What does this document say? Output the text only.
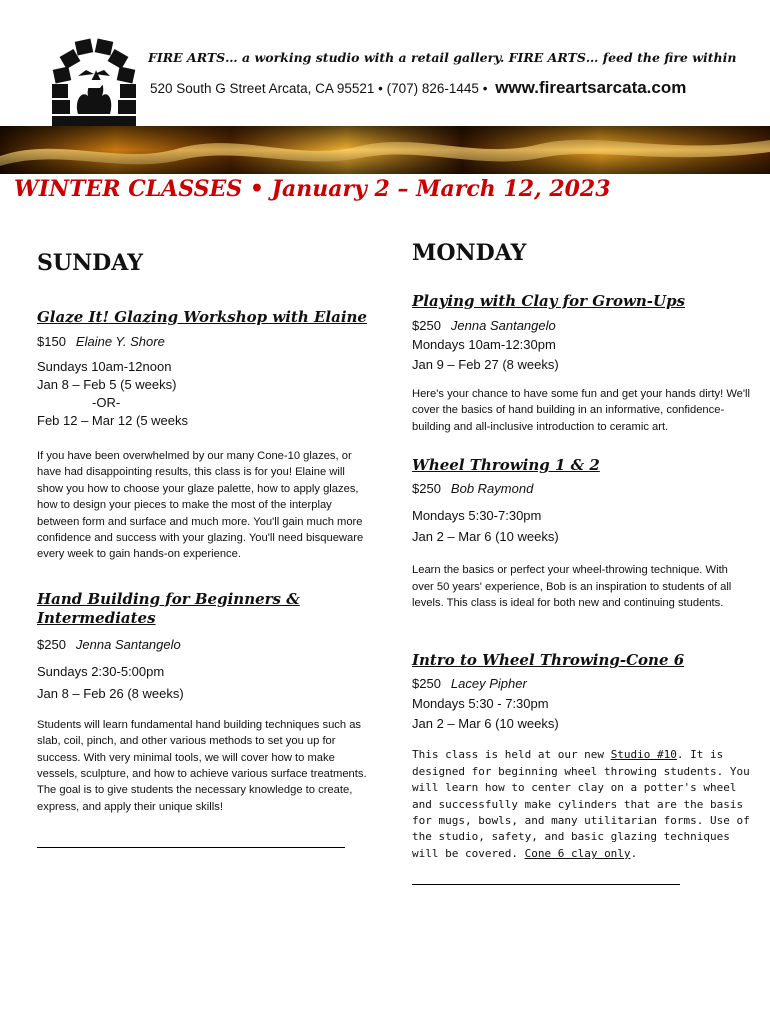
FIRE ARTS… a working studio with a retail gallery. FIRE ARTS… feed the fire within
520 South G Street Arcata, CA 95521 • (707) 826-1445 • www.fireartsarcata.com
WINTER CLASSES • January 2 – March 12, 2023
SUNDAY

Glaze It! Glazing Workshop with Elaine

$150 Elaine Y. Shore

Sundays 10am-12noon

Jan 8 – Feb 5 (5 weeks)

-OR-

Feb 12 – Mar 12 (5 weeks

If you have been overwhelmed by our many Cone-10 glazes, or have had disappointing results, this class is for you! Elaine will show you how to choose your glaze palette, how to apply glazes, how to design your pieces to make the most of the interplay between form and surface and much more. You'll gain much more confidence and success with your glazing. You'll need bisqueware every week to gain hands-on experience.

Hand Building for Beginners &

Intermediates

$250 Jenna Santangelo

Sundays 2:30-5:00pm

Jan 8 – Feb 26 (8 weeks)

Students will learn fundamental hand building techniques such as slab, coil, pinch, and other various methods to set you up for success. With very minimal tools, we will cover how to make vessels, sculpture, and how to achieve various surface treatments. The goal is to give students the necessary knowledge to create, express, and apply their unique skills!

MONDAY

Playing with Clay for Grown-Ups

$250 Jenna Santangelo

Mondays 10am-12:30pm

Jan 9 – Feb 27 (8 weeks)

Here's your chance to have some fun and get your hands dirty! We'll cover the basics of hand building in an informative, confidence-building and all-inclusive introduction to ceramic art.

Wheel Throwing 1 & 2

$250 Bob Raymond

Mondays 5:30-7:30pm

Jan 2 – Mar 6 (10 weeks)

Learn the basics or perfect your wheel-throwing technique. With over 50 years' experience, Bob is an inspiration to students of all levels. This class is ideal for both new and continuing students.

Intro to Wheel Throwing-Cone 6

$250 Lacey Pipher

Mondays 5:30 - 7:30pm

Jan 2 – Mar 6 (10 weeks)

This class is held at our new Studio #10. It is designed for beginning wheel throwing students. You will learn how to center clay on a potter's wheel and successfully make cylinders that are the basis for mugs, bowls, and many utilitarian forms. Use of the studio, safety, and basic glazing techniques will be covered. Cone 6 clay only.
